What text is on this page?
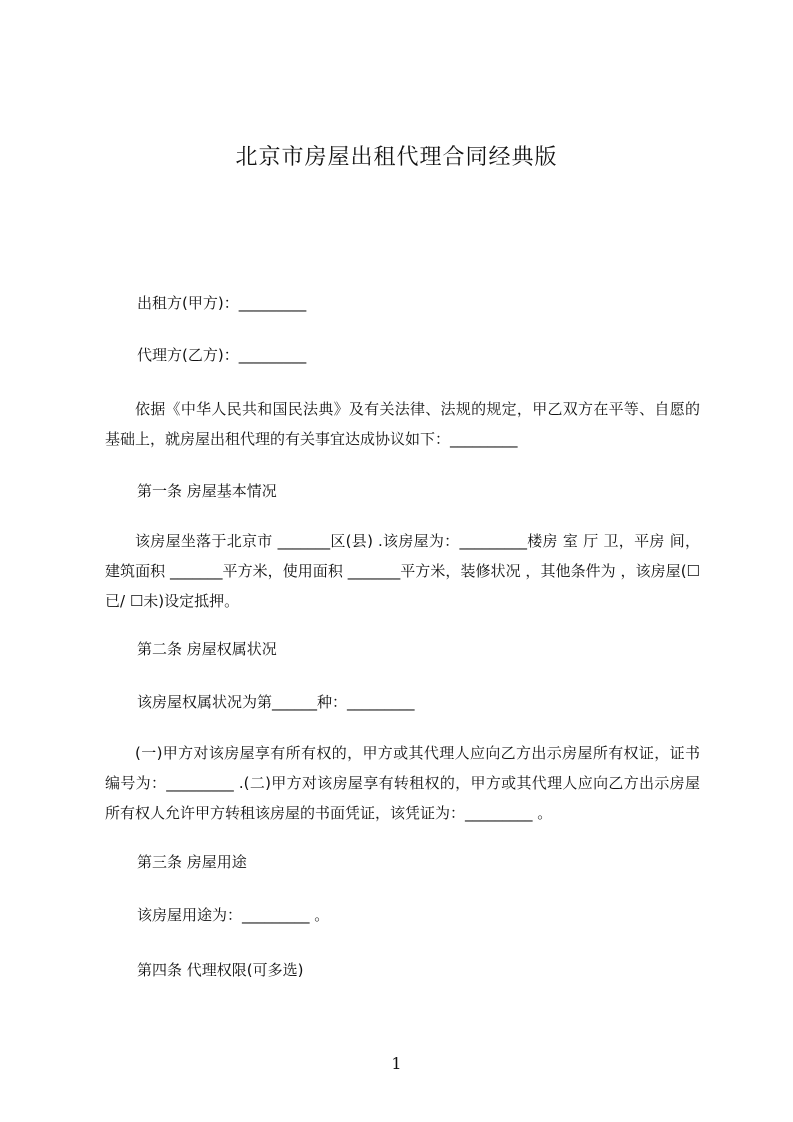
北京市房屋出租代理合同经典版
出租方(甲方)：_________
代理方(乙方)：_________
依据《中华人民共和国民法典》及有关法律、法规的规定，甲乙双方在平等、自愿的基础上，就房屋出租代理的有关事宜达成协议如下：_________
第一条 房屋基本情况
该房屋坐落于北京市 _______区(县) .该房屋为：_________楼房 室 厅 卫，平房 间，建筑面积 _______平方米，使用面积 _______平方米，装修状况 ，其他条件为 ，该房屋(☐已/ ☐未)设定抵押。
第二条 房屋权属状况
该房屋权属状况为第______种：_________
(一)甲方对该房屋享有所有权的，甲方或其代理人应向乙方出示房屋所有权证，证书编号为：_________ .(二)甲方对该房屋享有转租权的，甲方或其代理人应向乙方出示房屋所有权人允许甲方转租该房屋的书面凭证，该凭证为：_________ 。
第三条 房屋用途
该房屋用途为：_________ 。
第四条 代理权限(可多选)
1
